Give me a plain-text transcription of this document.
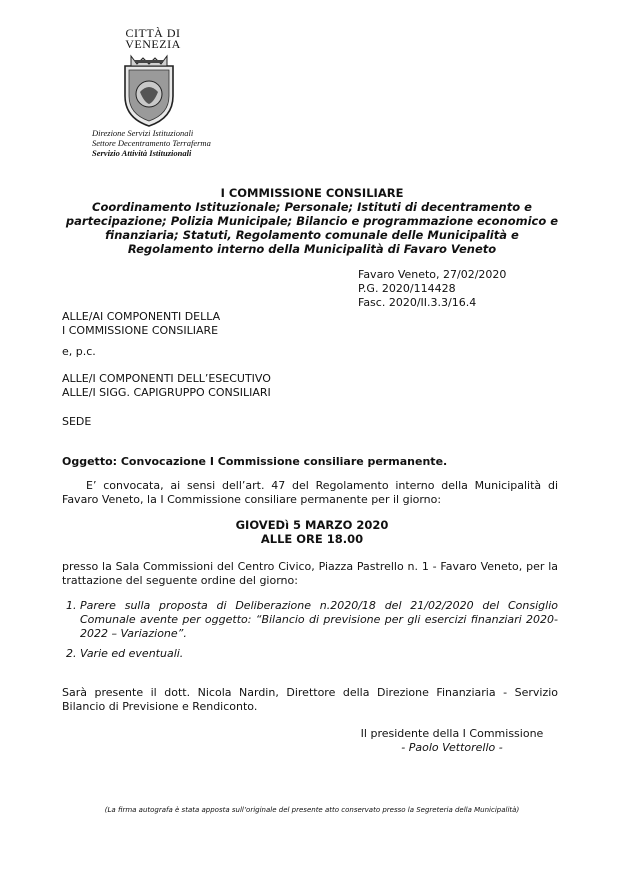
CITTÀ DI
VENEZIA
Direzione Servizi Istituzionali
Settore Decentramento Terraferma
Servizio Attività Istituzionali
I COMMISSIONE CONSILIARE
Coordinamento Istituzionale; Personale; Istituti di decentramento e partecipazione; Polizia Municipale; Bilancio e programmazione economico e finanziaria; Statuti, Regolamento comunale delle Municipalità e Regolamento interno della Municipalità di Favaro Veneto
Favaro Veneto, 27/02/2020
P.G. 2020/114428
Fasc. 2020/II.3.3/16.4
ALLE/AI COMPONENTI DELLA
I COMMISSIONE CONSILIARE
e, p.c.
ALLE/I COMPONENTI DELL’ESECUTIVO
ALLE/I SIGG. CAPIGRUPPO CONSILIARI
SEDE
Oggetto: Convocazione I Commissione consiliare permanente.
E’ convocata, ai sensi dell’art. 47 del Regolamento interno della Municipalità di Favaro Veneto, la I Commissione consiliare permanente per il giorno:
GIOVEDì 5 MARZO 2020
ALLE ORE 18.00
presso la Sala Commissioni del Centro Civico, Piazza Pastrello n. 1 - Favaro Veneto, per la trattazione del seguente ordine del giorno:
1. Parere sulla proposta di Deliberazione n.2020/18 del 21/02/2020 del Consiglio Comunale avente per oggetto: “Bilancio di previsione per gli esercizi finanziari 2020-2022 – Variazione”.
2. Varie ed eventuali.
Sarà presente il dott. Nicola Nardin, Direttore della Direzione Finanziaria - Servizio Bilancio di Previsione e Rendiconto.
Il presidente della I Commissione
- Paolo Vettorello -
(La firma autografa è stata apposta sull’originale del presente atto conservato presso la Segreteria della Municipalità)
